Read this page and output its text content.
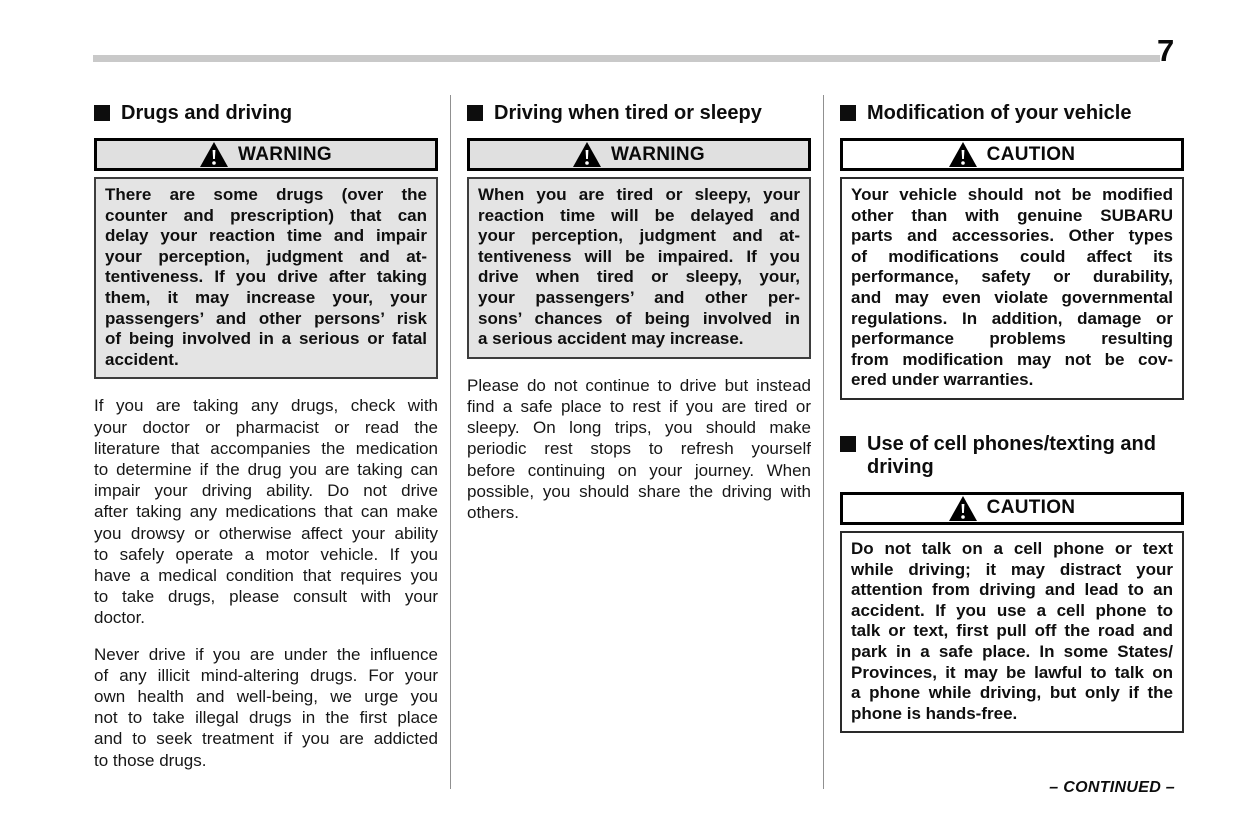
7
Drugs and driving
WARNING
There are some drugs (over the
counter and prescription) that can
delay your reaction time and impair
your perception, judgment and at-
tentiveness. If you drive after taking
them, it may increase your, your
passengers’ and other persons’ risk
of being involved in a serious or fatal
accident.
If you are taking any drugs, check with
your doctor or pharmacist or read the
literature that accompanies the medication
to determine if the drug you are taking can
impair your driving ability. Do not drive
after taking any medications that can make
you drowsy or otherwise affect your ability
to safely operate a motor vehicle. If you
have a medical condition that requires you
to take drugs, please consult with your
doctor.
Never drive if you are under the influence
of any illicit mind-altering drugs. For your
own health and well-being, we urge you
not to take illegal drugs in the first place
and to seek treatment if you are addicted
to those drugs.
Driving when tired or sleepy
WARNING
When you are tired or sleepy, your
reaction time will be delayed and
your perception, judgment and at-
tentiveness will be impaired. If you
drive when tired or sleepy, your,
your passengers’ and other per-
sons’ chances of being involved in
a serious accident may increase.
Please do not continue to drive but instead
find a safe place to rest if you are tired or
sleepy. On long trips, you should make
periodic rest stops to refresh yourself
before continuing on your journey. When
possible, you should share the driving with
others.
Modification of your vehicle
CAUTION
Your vehicle should not be modified
other than with genuine SUBARU
parts and accessories. Other types
of modifications could affect its
performance, safety or durability,
and may even violate governmental
regulations. In addition, damage or
performance problems resulting
from modification may not be cov-
ered under warranties.
Use of cell phones/texting and driving
CAUTION
Do not talk on a cell phone or text
while driving; it may distract your
attention from driving and lead to an
accident. If you use a cell phone to
talk or text, first pull off the road and
park in a safe place. In some States/
Provinces, it may be lawful to talk on
a phone while driving, but only if the
phone is hands-free.
– CONTINUED –
